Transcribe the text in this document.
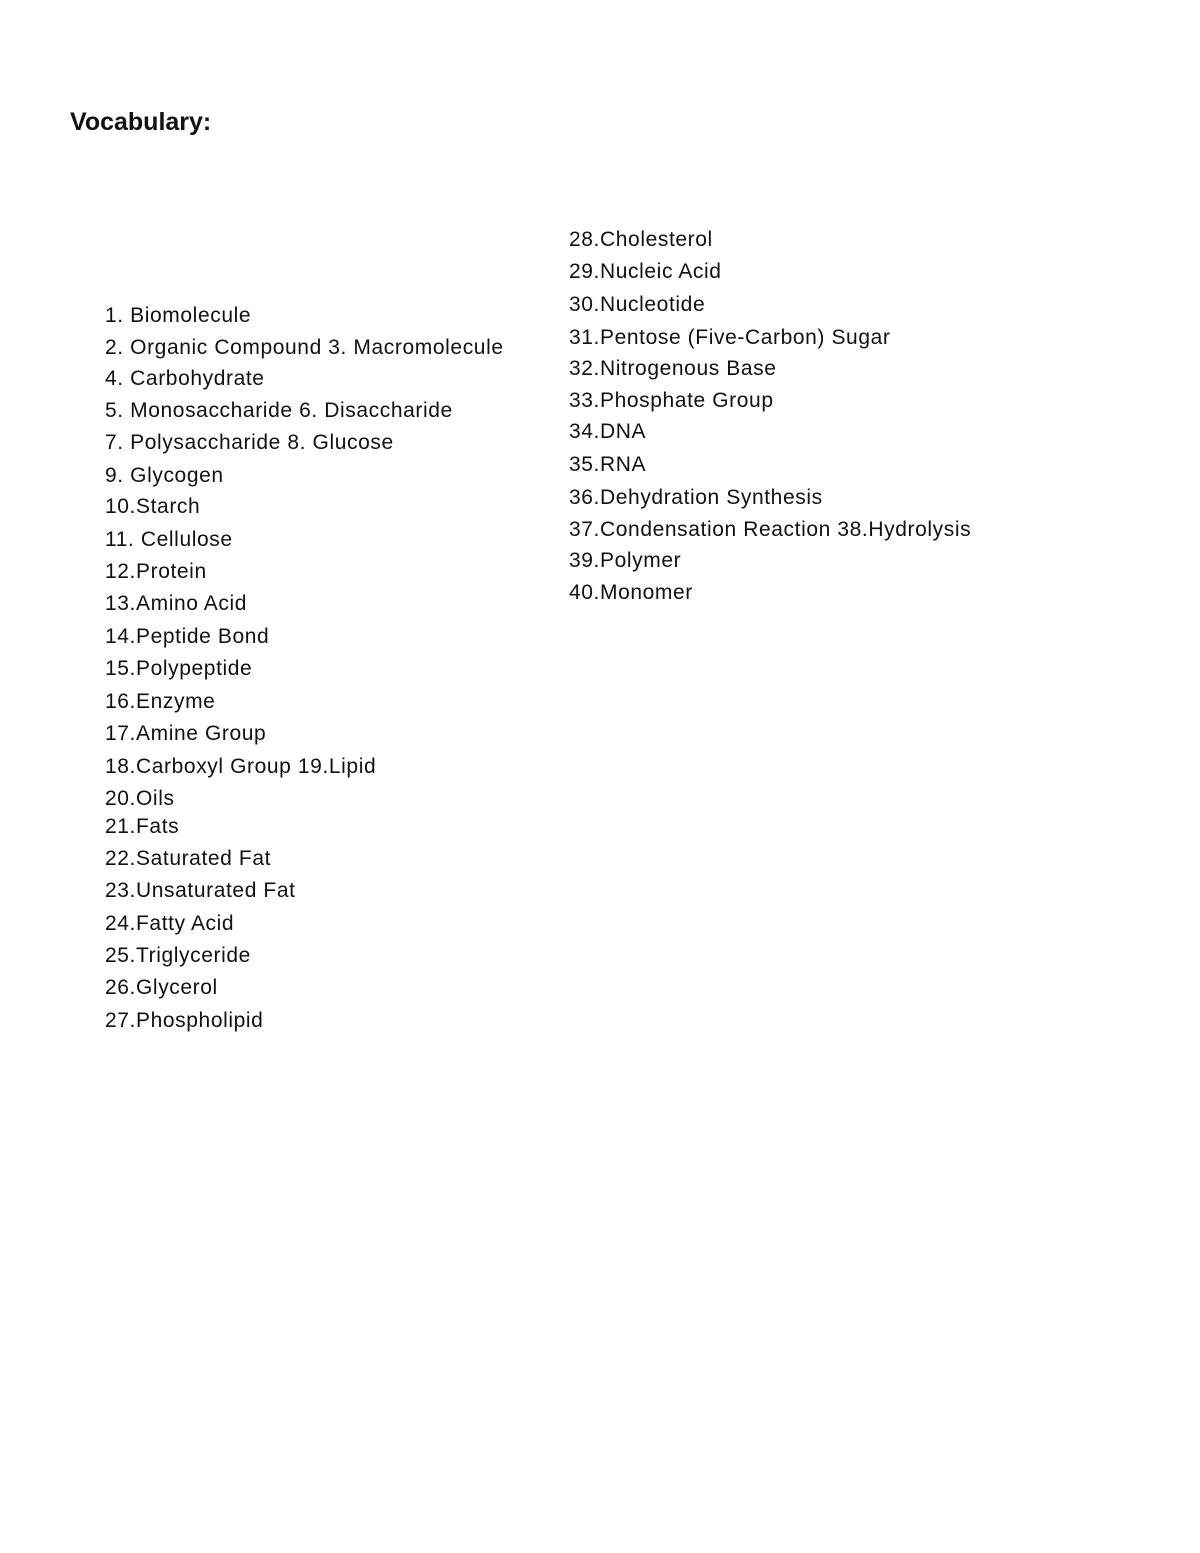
Vocabulary:
1. Biomolecule
2. Organic Compound 3. Macromolecule
4. Carbohydrate
5. Monosaccharide 6. Disaccharide
7. Polysaccharide 8. Glucose
9. Glycogen
10.Starch
11. Cellulose
12.Protein
13.Amino Acid
14.Peptide Bond
15.Polypeptide
16.Enzyme
17.Amine Group
18.Carboxyl Group 19.Lipid
20.Oils
21.Fats
22.Saturated Fat
23.Unsaturated Fat
24.Fatty Acid
25.Triglyceride
26.Glycerol
27.Phospholipid
28.Cholesterol
29.Nucleic Acid
30.Nucleotide
31.Pentose (Five-Carbon) Sugar
32.Nitrogenous Base
33.Phosphate Group
34.DNA
35.RNA
36.Dehydration Synthesis
37.Condensation Reaction 38.Hydrolysis
39.Polymer
40.Monomer
